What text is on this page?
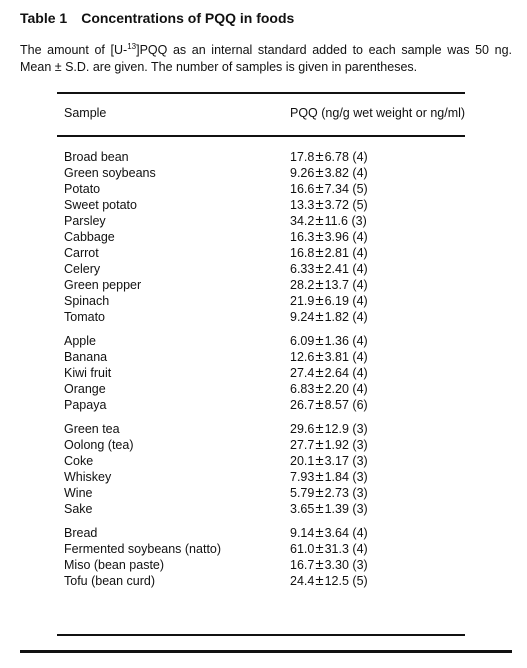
Table 1 Concentrations of PQQ in foods
The amount of [U-$^{13}$]PQQ as an internal standard added to each sample was 50 ng.
Mean ± S.D. are given. The number of samples is given in parentheses.
Sample	PQQ (ng/g wet weight or ng/ml)
Broad bean	17.8±6.78 (4)
Green soybeans	9.26±3.82 (4)
Potato	16.6±7.34 (5)
Sweet potato	13.3±3.72 (5)
Parsley	34.2±11.6 (3)
Cabbage	16.3±3.96 (4)
Carrot	16.8±2.81 (4)
Celery	6.33±2.41 (4)
Green pepper	28.2±13.7 (4)
Spinach	21.9±6.19 (4)
Tomato	9.24±1.82 (4)
Apple	6.09±1.36 (4)
Banana	12.6±3.81 (4)
Kiwi fruit	27.4±2.64 (4)
Orange	6.83±2.20 (4)
Papaya	26.7±8.57 (6)
Green tea	29.6±12.9 (3)
Oolong (tea)	27.7±1.92 (3)
Coke	20.1±3.17 (3)
Whiskey	7.93±1.84 (3)
Wine	5.79±2.73 (3)
Sake	3.65±1.39 (3)
Bread	9.14±3.64 (4)
Fermented soybeans (natto)	61.0±31.3 (4)
Miso (bean paste)	16.7±3.30 (3)
Tofu (bean curd)	24.4±12.5 (5)
